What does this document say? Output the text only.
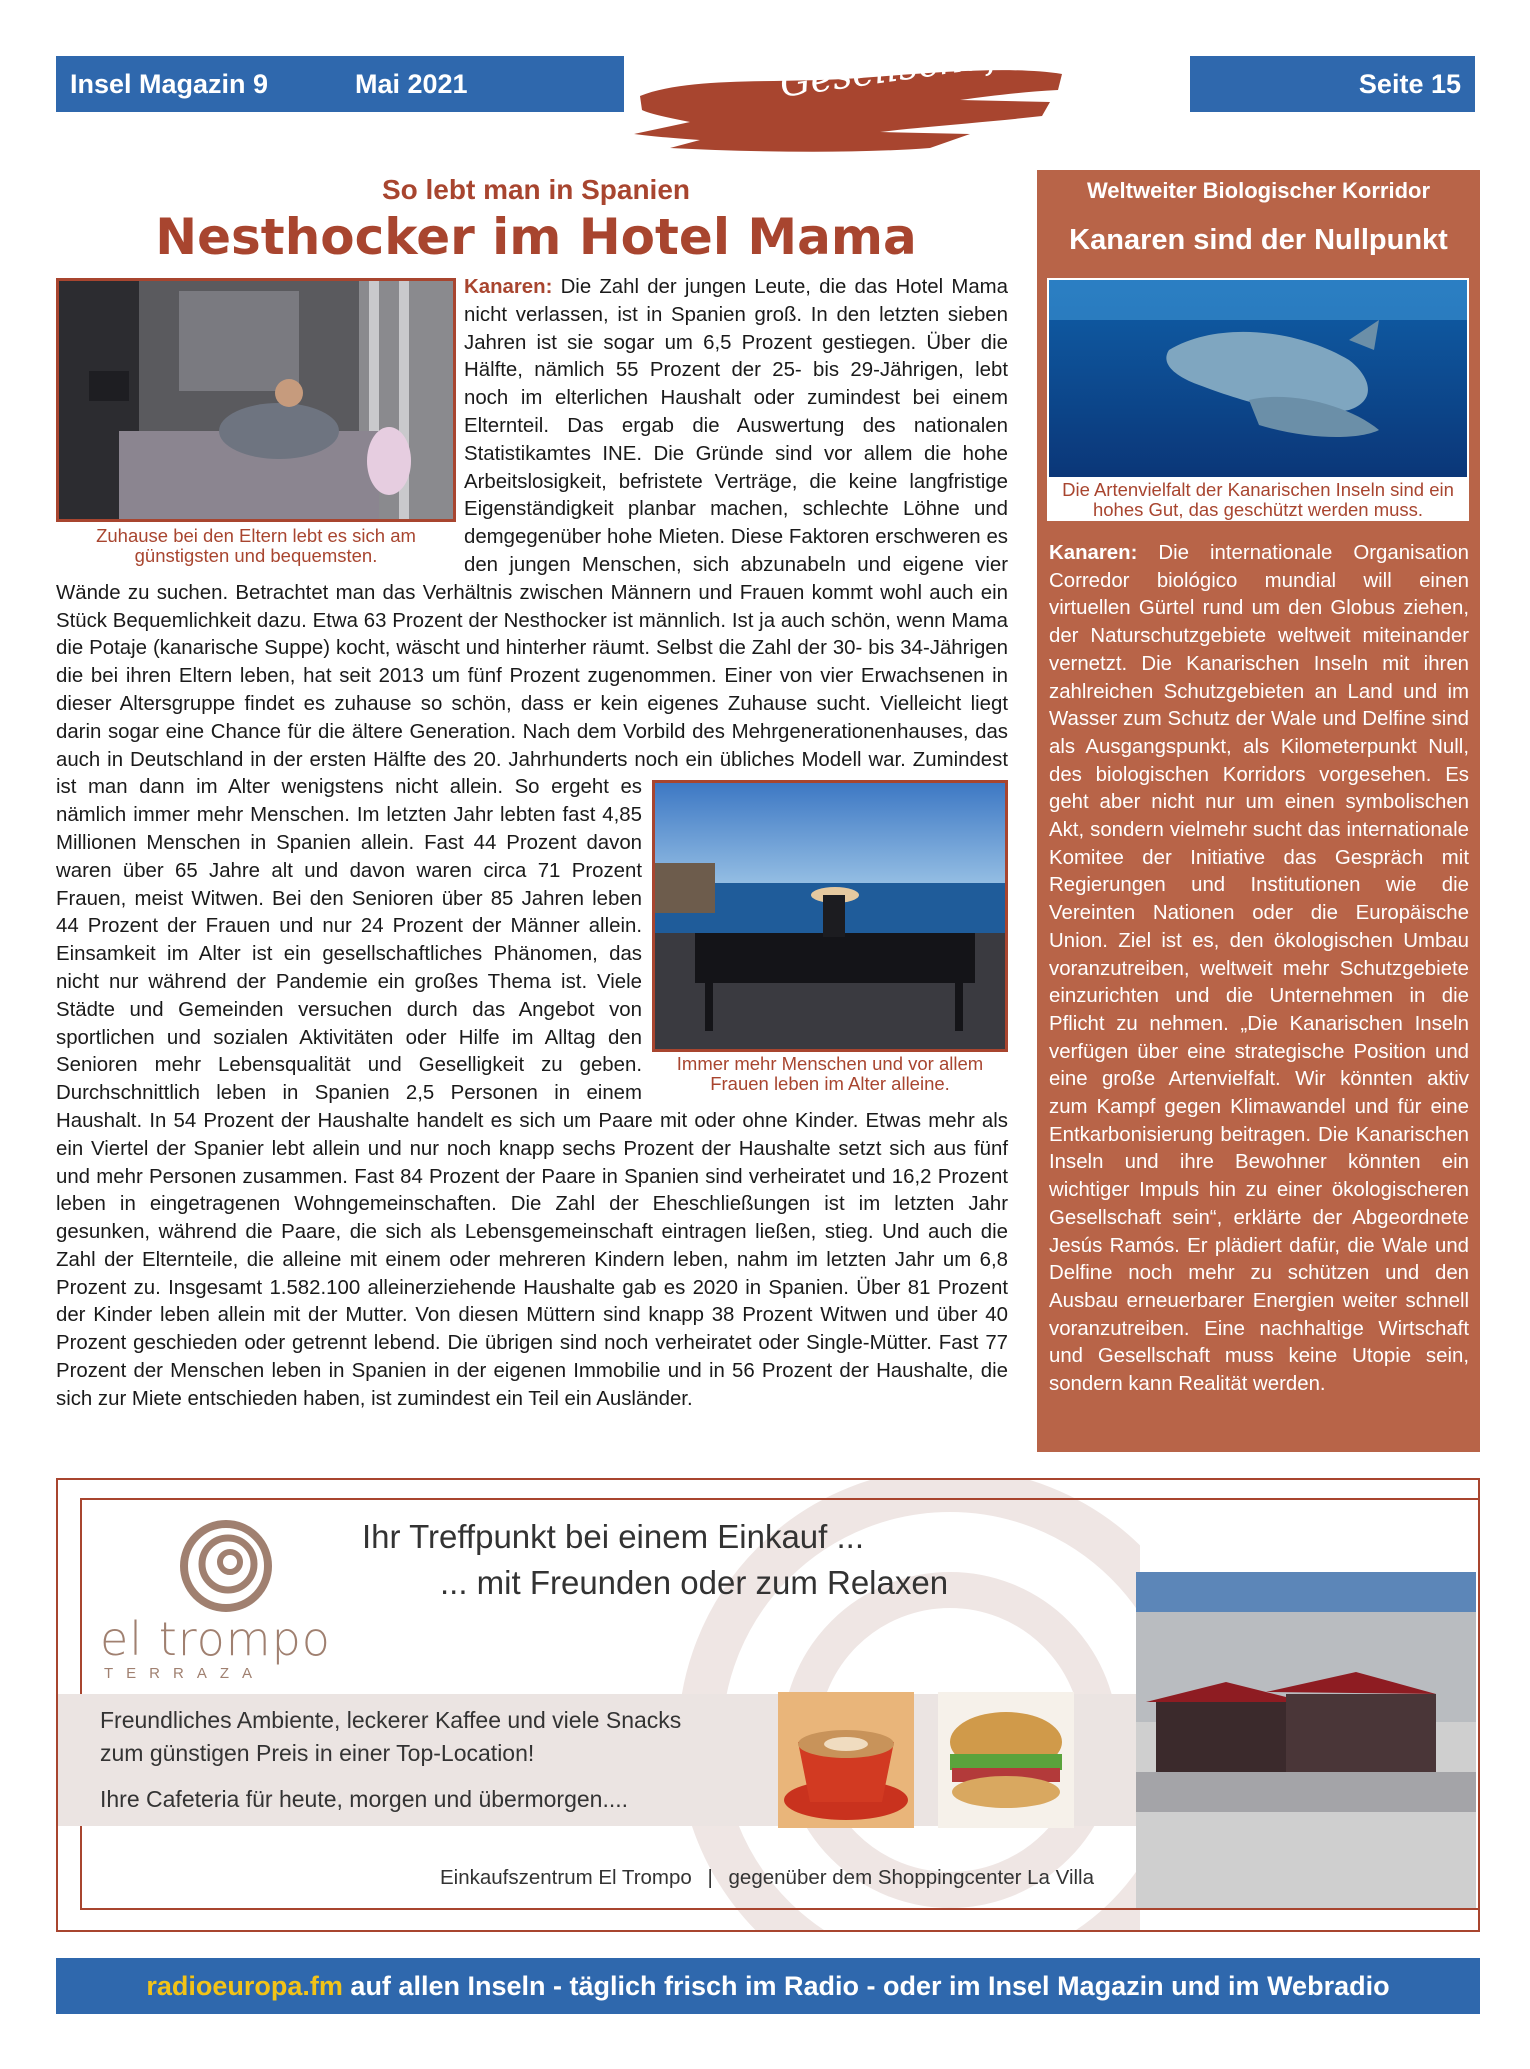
Insel Magazin 9	Mai 2021	Gesellschaft	Seite 15
So lebt man in Spanien
Nesthocker im Hotel Mama
Zuhause bei den Eltern lebt es sich am günstigsten und bequemsten.
Kanaren: Die Zahl der jungen Leute, die das Hotel Mama nicht verlassen, ist in Spanien groß. In den letzten sieben Jahren ist sie sogar um 6,5 Prozent gestiegen. Über die Hälfte, nämlich 55 Prozent der 25- bis 29-Jährigen, lebt noch im elterlichen Haushalt oder zumindest bei einem Elternteil. Das ergab die Auswertung des nationalen Statistikamtes INE. Die Gründe sind vor allem die hohe Arbeitslosigkeit, befristete Verträge, die keine langfristige Eigenständigkeit planbar machen, schlechte Löhne und demgegenüber hohe Mieten. Diese Faktoren erschweren es den jungen Menschen, sich abzunabeln und eigene vier Wände zu suchen. Betrachtet man das Verhältnis zwischen Männern und Frauen kommt wohl auch ein Stück Bequemlichkeit dazu. Etwa 63 Prozent der Nesthocker ist männlich. Ist ja auch schön, wenn Mama die Potaje (kanarische Suppe) kocht, wäscht und hinterher räumt. Selbst die Zahl der 30- bis 34-Jährigen die bei ihren Eltern leben, hat seit 2013 um fünf Prozent zugenommen. Einer von vier Erwachsenen in dieser Altersgruppe findet es zuhause so schön, dass er kein eigenes Zuhause sucht. Vielleicht liegt darin sogar eine Chance für die ältere Generation. Nach dem Vorbild des Mehrgenerationenhauses, das auch in Deutschland in der ersten Hälfte des 20. Jahrhunderts noch ein übliches Modell war. Zumindest ist man dann im Alter wenigstens nicht allein.
Immer mehr Menschen und vor allem Frauen leben im Alter alleine.
So ergeht es nämlich immer mehr Menschen. Im letzten Jahr lebten fast 4,85 Millionen Menschen in Spanien allein. Fast 44 Prozent davon waren über 65 Jahre alt und davon waren circa 71 Prozent Frauen, meist Witwen. Bei den Senioren über 85 Jahren leben 44 Prozent der Frauen und nur 24 Prozent der Männer allein. Einsamkeit im Alter ist ein gesellschaftliches Phänomen, das nicht nur während der Pandemie ein großes Thema ist. Viele Städte und Gemeinden versuchen durch das Angebot von sportlichen und sozialen Aktivitäten oder Hilfe im Alltag den Senioren mehr Lebensqualität und Geselligkeit zu geben. Durchschnittlich leben in Spanien 2,5 Personen in einem Haushalt. In 54 Prozent der Haushalte handelt es sich um Paare mit oder ohne Kinder. Etwas mehr als ein Viertel der Spanier lebt allein und nur noch knapp sechs Prozent der Haushalte setzt sich aus fünf und mehr Personen zusammen. Fast 84 Prozent der Paare in Spanien sind verheiratet und 16,2 Prozent leben in eingetragenen Wohngemeinschaften. Die Zahl der Eheschließungen ist im letzten Jahr gesunken, während die Paare, die sich als Lebensgemeinschaft eintragen ließen, stieg. Und auch die Zahl der Elternteile, die alleine mit einem oder mehreren Kindern leben, nahm im letzten Jahr um 6,8 Prozent zu. Insgesamt 1.582.100 alleinerziehende Haushalte gab es 2020 in Spanien. Über 81 Prozent der Kinder leben allein mit der Mutter. Von diesen Müttern sind knapp 38 Prozent Witwen und über 40 Prozent geschieden oder getrennt lebend. Die übrigen sind noch verheiratet oder Single-Mütter. Fast 77 Prozent der Menschen leben in Spanien in der eigenen Immobilie und in 56 Prozent der Haushalte, die sich zur Miete entschieden haben, ist zumindest ein Teil ein Ausländer.
Weltweiter Biologischer Korridor
Kanaren sind der Nullpunkt
Die Artenvielfalt der Kanarischen Inseln sind ein hohes Gut, das geschützt werden muss.
Kanaren: Die internationale Organisation Corredor biológico mundial will einen virtuellen Gürtel rund um den Globus ziehen, der Naturschutzgebiete weltweit miteinander vernetzt. Die Kanarischen Inseln mit ihren zahlreichen Schutzgebieten an Land und im Wasser zum Schutz der Wale und Delfine sind als Ausgangspunkt, als Kilometerpunkt Null, des biologischen Korridors vorgesehen. Es geht aber nicht nur um einen symbolischen Akt, sondern vielmehr sucht das internationale Komitee der Initiative das Gespräch mit Regierungen und Institutionen wie die Vereinten Nationen oder die Europäische Union. Ziel ist es, den ökologischen Umbau voranzutreiben, weltweit mehr Schutzgebiete einzurichten und die Unternehmen in die Pflicht zu nehmen. „Die Kanarischen Inseln verfügen über eine strategische Position und eine große Artenvielfalt. Wir könnten aktiv zum Kampf gegen Klimawandel und für eine Entkarbonisierung beitragen. Die Kanarischen Inseln und ihre Bewohner könnten ein wichtiger Impuls hin zu einer ökologischeren Gesellschaft sein“, erklärte der Abgeordnete Jesús Ramós. Er plädiert dafür, die Wale und Delfine noch mehr zu schützen und den Ausbau erneuerbarer Energien weiter schnell voranzutreiben. Eine nachhaltige Wirtschaft und Gesellschaft muss keine Utopie sein, sondern kann Realität werden.
el trompo
TERRAZA
Ihr Treffpunkt bei einem Einkauf ...
... mit Freunden oder zum Relaxen
Freundliches Ambiente, leckerer Kaffee und viele Snacks
zum günstigen Preis in einer Top-Location!
Ihre Cafeteria für heute, morgen und übermorgen....
Einkaufszentrum El Trompo | gegenüber dem Shoppingcenter La Villa
radioeuropa.fm auf allen Inseln - täglich frisch im Radio - oder im Insel Magazin und im Webradio
